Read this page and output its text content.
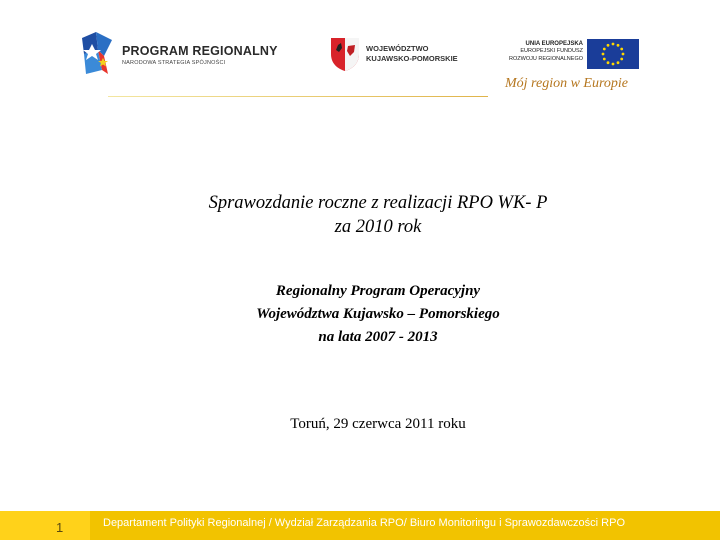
PROGRAM REGIONALNY
NARODOWA STRATEGIA SPÓJNOŚCI
WOJEWÓDZTWO
KUJAWSKO-POMORSKIE
UNIA EUROPEJSKA
EUROPEJSKI FUNDUSZ
ROZWOJU REGIONALNEGO
Mój region w Europie
Sprawozdanie roczne z realizacji RPO WK- P
za 2010 rok
Regionalny Program Operacyjny
Województwa Kujawsko – Pomorskiego
na lata 2007 - 2013
Toruń, 29 czerwca 2011 roku
1	Departament Polityki Regionalnej / Wydział Zarządzania RPO/ Biuro Monitoringu i Sprawozdawczości RPO
